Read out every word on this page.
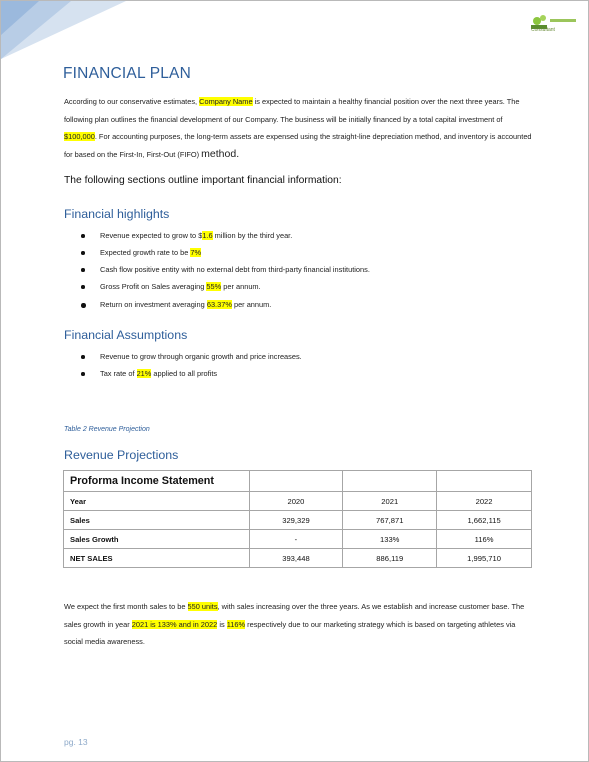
Consultant
FINANCIAL PLAN
According to our conservative estimates, Company Name is expected to maintain a healthy financial position over the next three years. The following plan outlines the financial development of our Company. The business will be initially financed by a total capital investment of $100,000. For accounting purposes, the long-term assets are expensed using the straight-line depreciation method, and inventory is accounted for based on the First-In, First-Out (FIFO) method.
The following sections outline important financial information:
Financial highlights
Revenue expected to grow to $1.6 million by the third year.
Expected growth rate to be 7%
Cash flow positive entity with no external debt from third-party financial institutions.
Gross Profit on Sales averaging 55% per annum.
Return on investment averaging 63.37% per annum.
Financial Assumptions
Revenue to grow through organic growth and price increases.
Tax rate of 21% applied to all profits
Table 2 Revenue Projection
Revenue Projections
Proforma Income Statement			
Year	2020	2021	2022
Sales	329,329	767,871	1,662,115
Sales Growth	-	133%	116%
NET SALES	393,448	886,119	1,995,710
We expect the first month sales to be 550 units, with sales increasing over the three years. As we establish and increase customer base. The sales growth in year 2021 is 133% and in 2022 is 116% respectively due to our marketing strategy which is based on targeting athletes via social media awareness.
pg. 13
